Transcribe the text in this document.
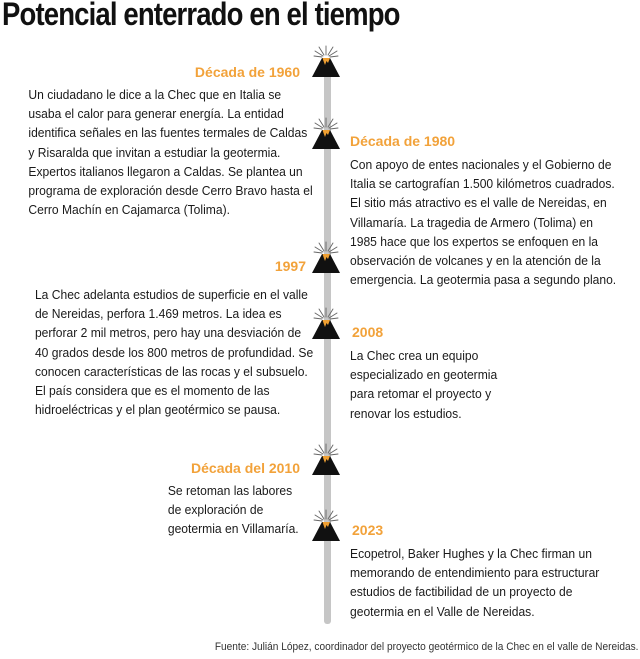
Potencial enterrado en el tiempo
Década de 1960
Un ciudadano le dice a la Chec que en Italia se
usaba el calor para generar energía. La entidad
identifica señales en las fuentes termales de Caldas
y Risaralda que invitan a estudiar la geotermia.
Expertos italianos llegaron a Caldas. Se plantea un
programa de exploración desde Cerro Bravo hasta el
Cerro Machín en Cajamarca (Tolima).
Década de 1980
Con apoyo de entes nacionales y el Gobierno de
Italia se cartografían 1.500 kilómetros cuadrados.
El sitio más atractivo es el valle de Nereidas, en
Villamaría. La tragedia de Armero (Tolima) en
1985 hace que los expertos se enfoquen en la
observación de volcanes y en la atención de la
emergencia. La geotermia pasa a segundo plano.
1997
La Chec adelanta estudios de superficie en el valle
de Nereidas, perfora 1.469 metros. La idea es
perforar 2 mil metros, pero hay una desviación de
40 grados desde los 800 metros de profundidad. Se
conocen características de las rocas y el subsuelo.
El país considera que es el momento de las
hidroeléctricas y el plan geotérmico se pausa.
2008
La Chec crea un equipo
especializado en geotermia
para retomar el proyecto y
renovar los estudios.
Década del 2010
Se retoman las labores
de exploración de
geotermia en Villamaría.	2023
Ecopetrol, Baker Hughes y la Chec firman un
memorando de entendimiento para estructurar
estudios de factibilidad de un proyecto de
geotermia en el Valle de Nereidas.
Fuente: Julián López, coordinador del proyecto geotérmico de la Chec en el valle de Nereidas.
